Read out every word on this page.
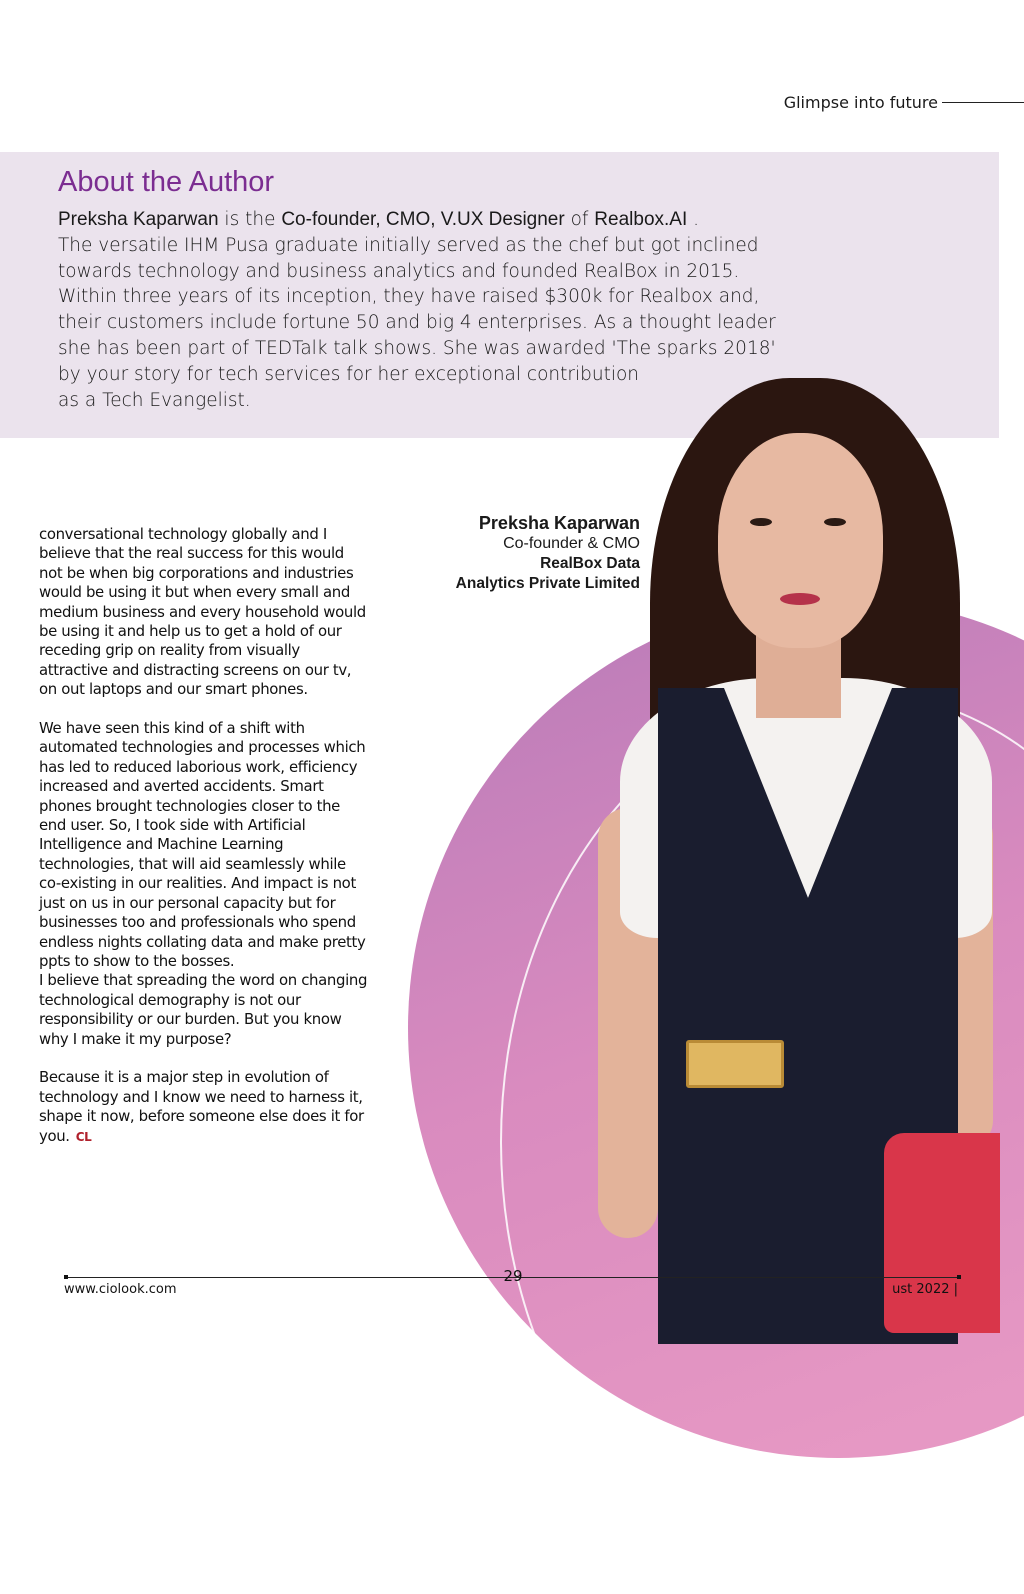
Glimpse into future
About the Author
Preksha Kaparwan is the Co-founder, CMO, V.UX Designer of Realbox.AI .
The versatile IHM Pusa graduate initially served as the chef but got inclined
towards technology and business analytics and founded RealBox in 2015.
Within three years of its inception, they have raised $300k for Realbox and,
their customers include fortune 50 and big 4 enterprises. As a thought leader
she has been part of TEDTalk talk shows. She was awarded 'The sparks 2018'
by your story for tech services for her exceptional contribution
as a Tech Evangelist.
Preksha Kaparwan
Co-founder & CMO
RealBox Data
Analytics Private Limited

conversational technology globally and I believe that the real success for this would not be when big corporations and industries would be using it but when every small and medium business and every household would be using it and help us to get a hold of our receding grip on reality from visually attractive and distracting screens on our tv, on out laptops and our smart phones.

We have seen this kind of a shift with automated technologies and processes which has led to reduced laborious work, efficiency increased and averted accidents. Smart phones brought technologies closer to the end user. So, I took side with Artificial Intelligence and Machine Learning technologies, that will aid seamlessly while co-existing in our realities. And impact is not just on us in our personal capacity but for businesses too and professionals who spend endless nights collating data and make pretty ppts to show to the bosses.

I believe that spreading the word on changing technological demography is not our responsibility or our burden. But you know why I make it my purpose?

Because it is a major step in evolution of technology and I know we need to harness it, shape it now, before someone else does it for you. CL

29
www.ciolook.com	ust 2022 |
